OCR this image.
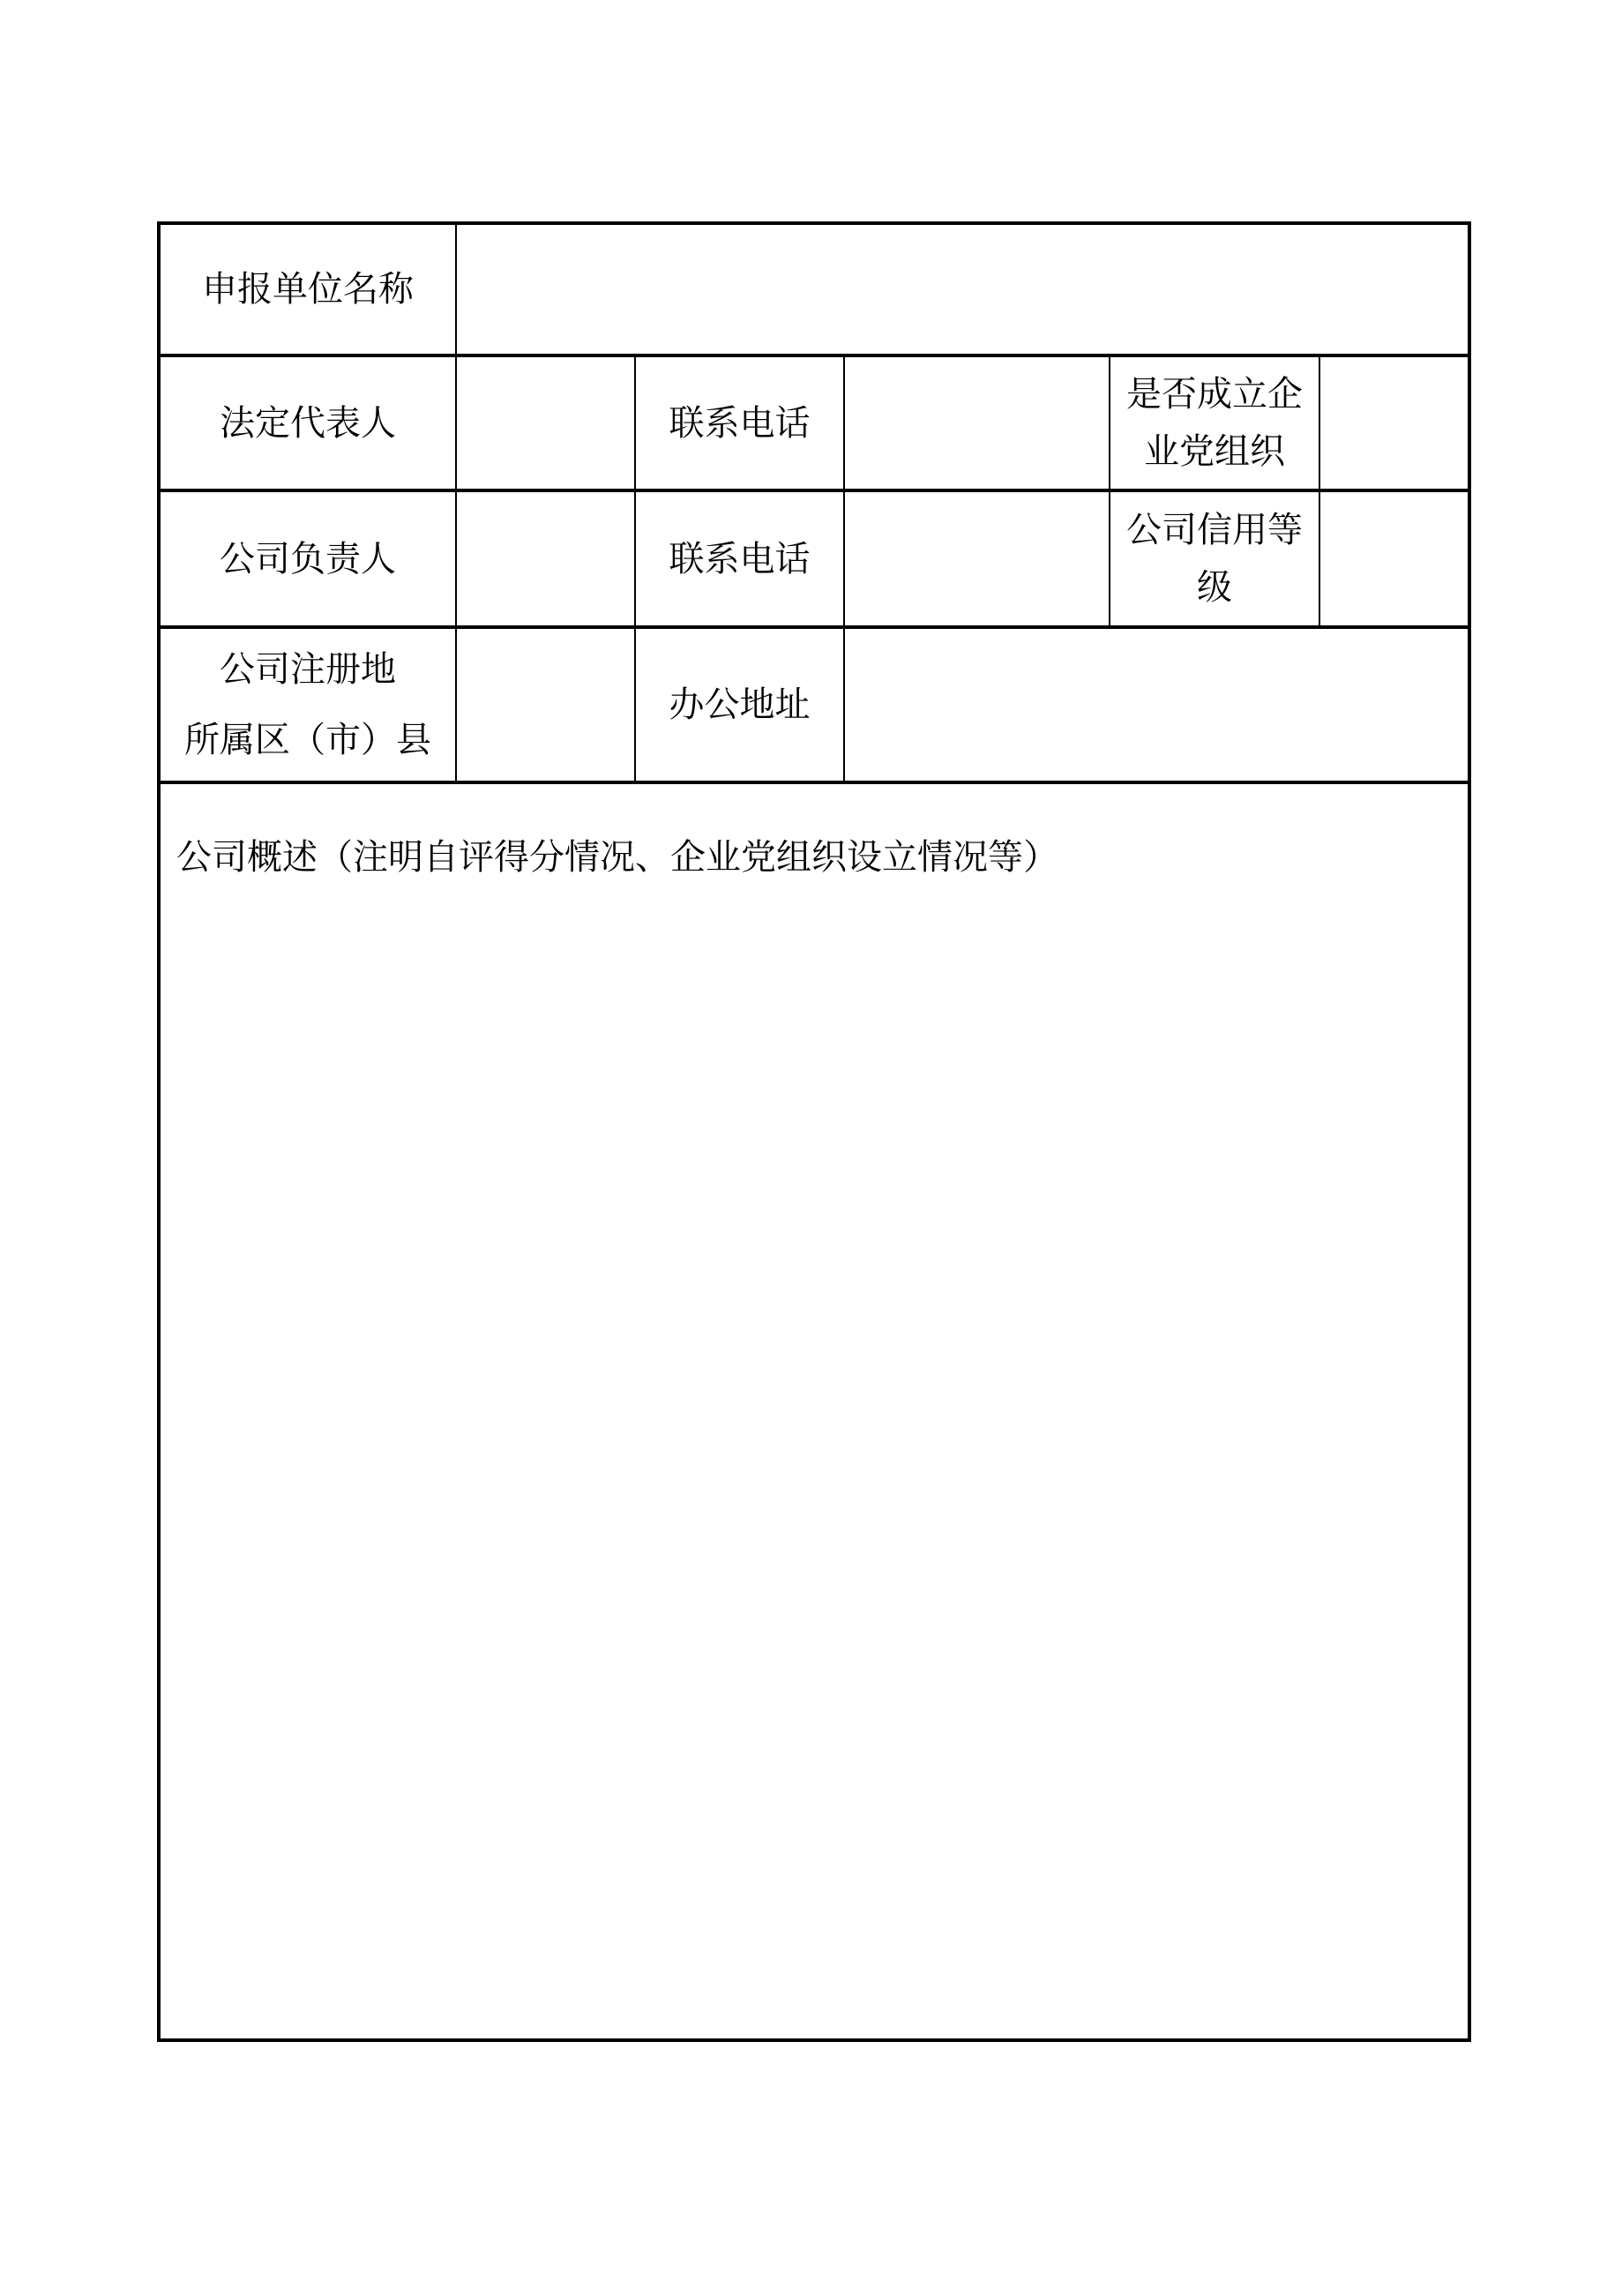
申报单位名称
法定代表人	联系电话
是否成立企业党组织
公司负责人	联系电话
公司信用等级
公司注册地
所属区（市）县
办公地址
公司概述（注明自评得分情况、企业党组织设立情况等）
